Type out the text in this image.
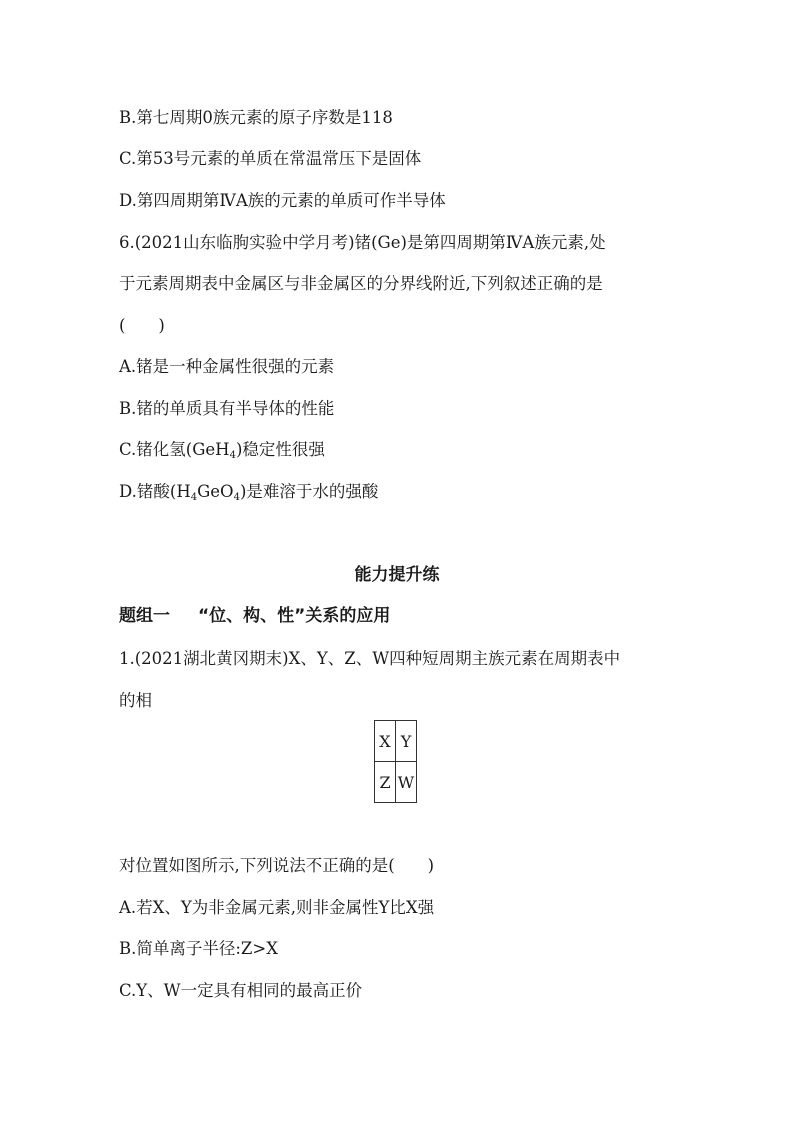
B.第七周期0族元素的原子序数是118
C.第53号元素的单质在常温常压下是固体
D.第四周期第ⅣA族的元素的单质可作半导体
6.(2021山东临朐实验中学月考)锗(Ge)是第四周期第ⅣA族元素,处
于元素周期表中金属区与非金属区的分界线附近,下列叙述正确的是
(　　)
A.锗是一种金属性很强的元素
B.锗的单质具有半导体的性能
C.锗化氢(GeH$_4$)稳定性很强
D.锗酸$(H_4GeO_4)$是难溶于水的强酸
能力提升练
题组一 “位、构、性”关系的应用
1.(2021湖北黄冈期末)X、Y、Z、W四种短周期主族元素在周期表中
的相
X	Y
Z	W
对位置如图所示,下列说法不正确的是(　　)
A.若X、Y为非金属元素,则非金属性Y比X强
B.简单离子半径:Z>X
C.Y、W一定具有相同的最高正价
